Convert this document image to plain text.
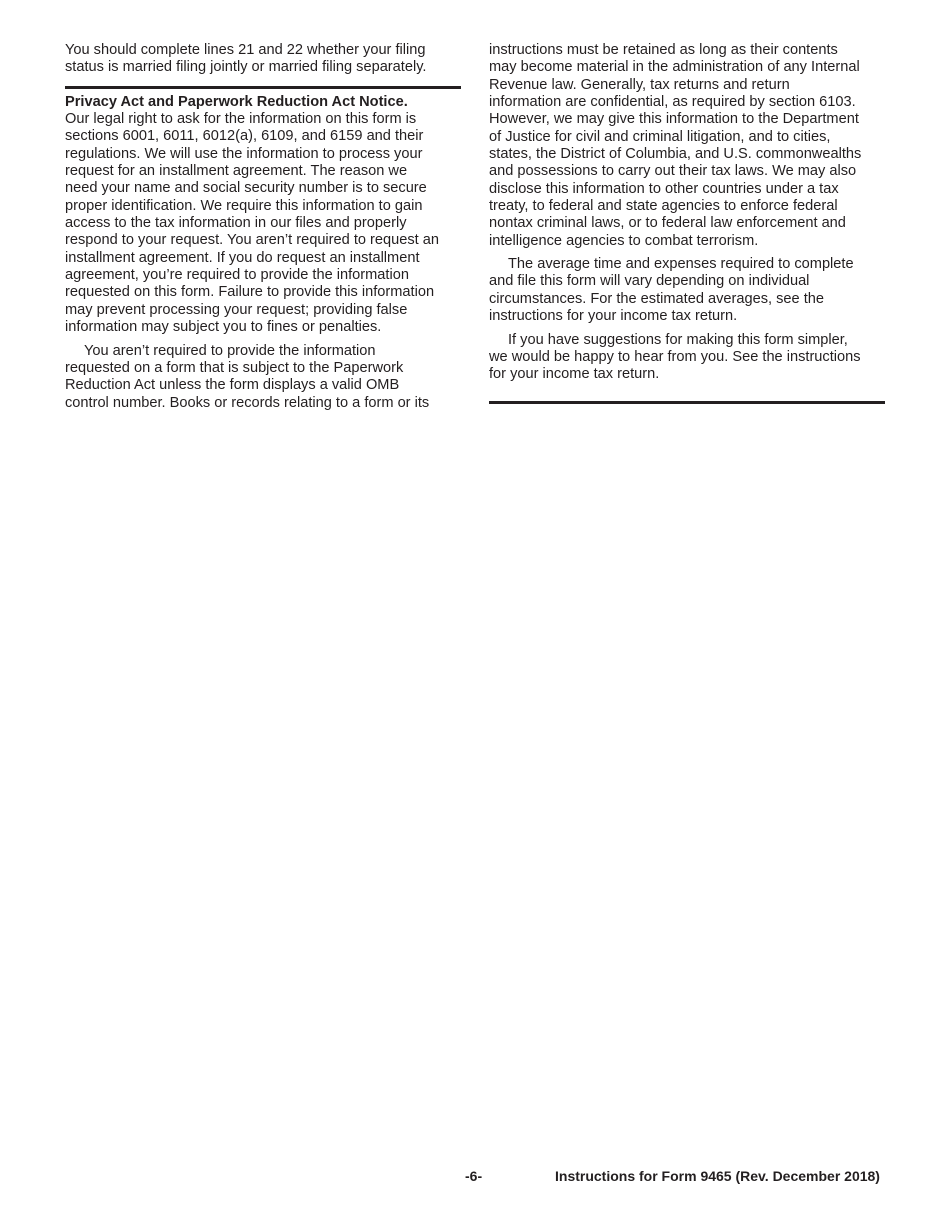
You should complete lines 21 and 22 whether your filing
status is married filing jointly or married filing separately.

Privacy Act and Paperwork Reduction Act Notice.
Our legal right to ask for the information on this form is
sections 6001, 6011, 6012(a), 6109, and 6159 and their
regulations. We will use the information to process your
request for an installment agreement. The reason we
need your name and social security number is to secure
proper identification. We require this information to gain
access to the tax information in our files and properly
respond to your request. You aren’t required to request an
installment agreement. If you do request an installment
agreement, you’re required to provide the information
requested on this form. Failure to provide this information
may prevent processing your request; providing false
information may subject you to fines or penalties.

You aren’t required to provide the information
requested on a form that is subject to the Paperwork
Reduction Act unless the form displays a valid OMB
control number. Books or records relating to a form or its

instructions must be retained as long as their contents
may become material in the administration of any Internal
Revenue law. Generally, tax returns and return
information are confidential, as required by section 6103.
However, we may give this information to the Department
of Justice for civil and criminal litigation, and to cities,
states, the District of Columbia, and U.S. commonwealths
and possessions to carry out their tax laws. We may also
disclose this information to other countries under a tax
treaty, to federal and state agencies to enforce federal
nontax criminal laws, or to federal law enforcement and
intelligence agencies to combat terrorism.

The average time and expenses required to complete
and file this form will vary depending on individual
circumstances. For the estimated averages, see the
instructions for your income tax return.

If you have suggestions for making this form simpler,
we would be happy to hear from you. See the instructions
for your income tax return.

-6-	Instructions for Form 9465 (Rev. December 2018)
